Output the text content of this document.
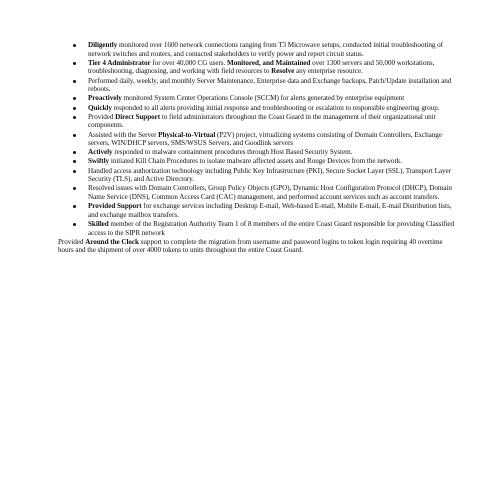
Diligently monitored over 1600 network connections ranging from T3 Microwave setups, conducted initial troubleshooting of network switches and routers, and contacted stakeholders to verify power and report circuit status.
Tier 4 Administrator for over 40,000 CG users. Monitored, and Maintained over 1300 servers and 50,000 workstations, troubleshooting, diagnosing, and working with field resources to Resolve any enterprise resource.
Performed daily, weekly, and monthly Server Maintenance, Enterprise data and Exchange backups, Patch/Update installation and reboots.
Proactively monitored System Center Operations Console (SCCM) for alerts generated by enterprise equipment
Quickly responded to all alerts providing initial response and troubleshooting or escalation to responsible engineering group.
Provided Direct Support to field administrators throughout the Coast Guard in the management of their organizational unit components.
Assisted with the Server Physical-to-Virtual (P2V) project, virtualizing systems consisting of Domain Controllers, Exchange servers, WIN/DHCP servers, SMS/WSUS Servers, and Goodlink servers
Actively responded to malware containment procedures through Host Based Security System.
Swiftly initiated Kill Chain Procedures to isolate malware affected assets and Rouge Devices from the network.
Handled access authorization technology including Public Key Infrastructure (PKI), Secure Socket Layer (SSL), Transport Layer Security (TLS), and Active Directory.
Resolved issues with Domain Controllers, Group Policy Objects (GPO), Dynamic Host Configuration Protocol (DHCP), Domain Name Service (DNS), Common Access Card (CAC) management, and performed account services such as account transfers.
Provided Support for exchange services including Desktop E-mail, Web-based E-mail, Mobile E-mail, E-mail Distribution lists, and exchange mailbox transfers.
Skilled member of the Registration Authority Team 1 of 8 members of the entire Coast Guard responsible for providing Classified access to the SIPR network

Provided Around the Clock support to complete the migration from username and password logins to token login requiring 40 overtime hours and the shipment of over 4000 tokens to units throughout the entire Coast Guard.
